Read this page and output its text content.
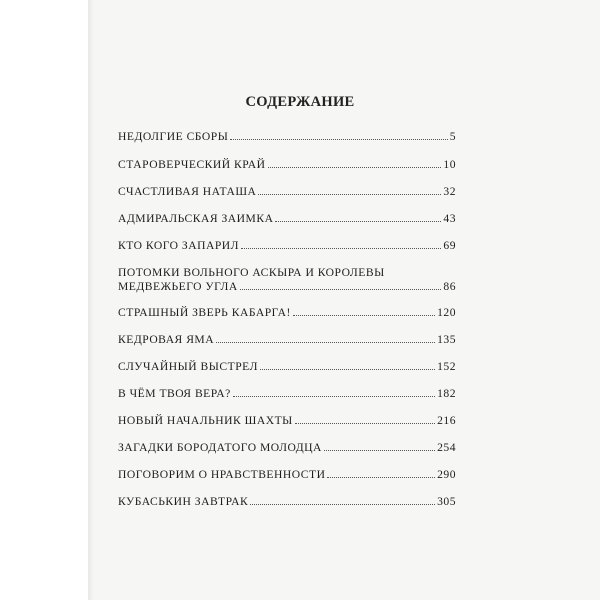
СОДЕРЖАНИЕ
НЕДОЛГИЕ СБОРЫ	5
СТАРОВЕРЧЕСКИЙ КРАЙ	10
СЧАСТЛИВАЯ НАТАША	32
АДМИРАЛЬСКАЯ ЗАИМКА	43
КТО КОГО ЗАПАРИЛ	69
ПОТОМКИ ВОЛЬНОГО АСКЫРА И КОРОЛЕВЫ
МЕДВЕЖЬЕГО УГЛА	86
СТРАШНЫЙ ЗВЕРЬ КАБАРГА!	120
КЕДРОВАЯ ЯМА	135
СЛУЧАЙНЫЙ ВЫСТРЕЛ	152
В ЧЁМ ТВОЯ ВЕРА?	182
НОВЫЙ НАЧАЛЬНИК ШАХТЫ	216
ЗАГАДКИ БОРОДАТОГО МОЛОДЦА	254
ПОГОВОРИМ О НРАВСТВЕННОСТИ	290
КУБАСЬКИН ЗАВТРАК	305
